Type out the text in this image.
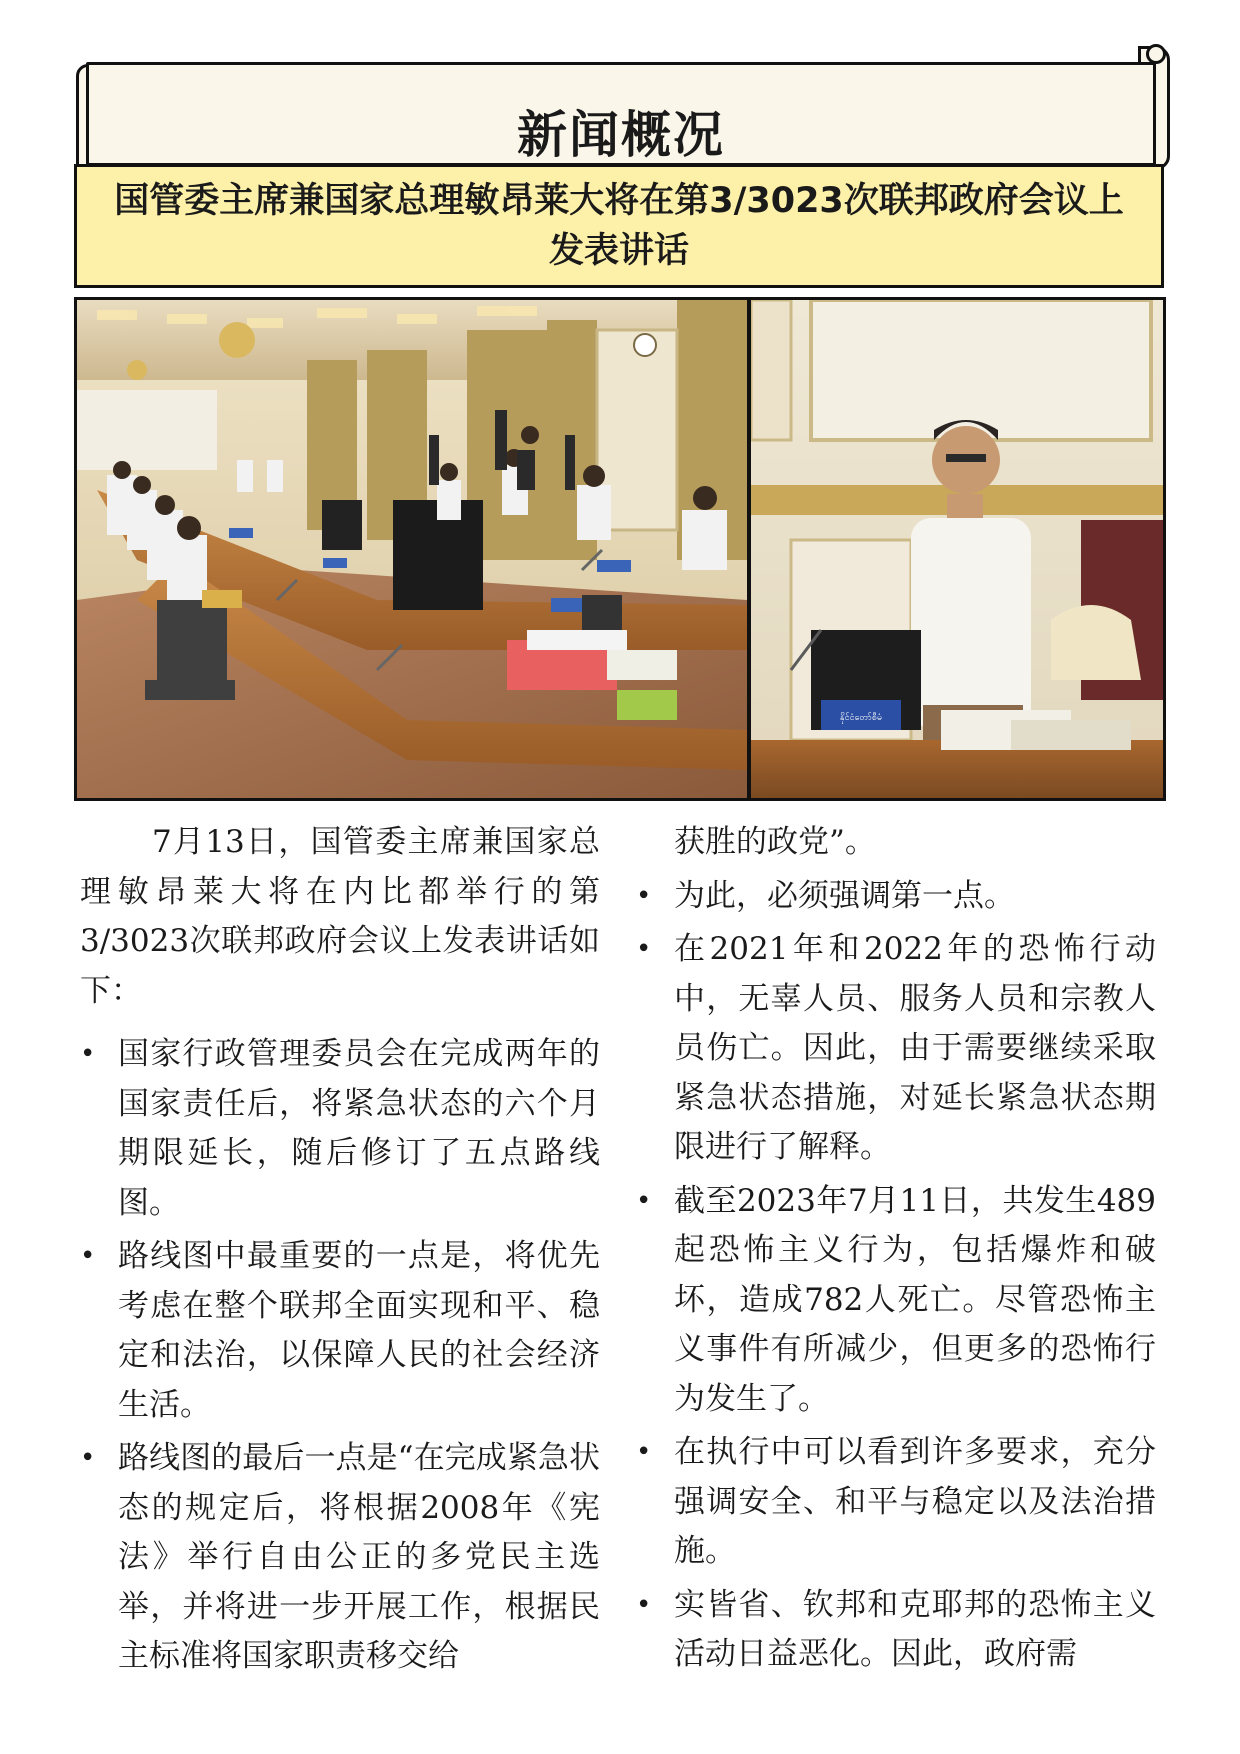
新闻概况
国管委主席兼国家总理敏昂莱大将在第3/3023次联邦政府会议上发表讲话
နိုင်ငံတော်စီမံ

7月13日，国管委主席兼国家总理敏昂莱大将在内比都举行的第3/3023次联邦政府会议上发表讲话如下：

• 国家行政管理委员会在完成两年的国家责任后，将紧急状态的六个月期限延长，随后修订了五点路线图。
• 路线图中最重要的一点是，将优先考虑在整个联邦全面实现和平、稳定和法治，以保障人民的社会经济生活。
• 路线图的最后一点是“在完成紧急状态的规定后，将根据2008年《宪法》举行自由公正的多党民主选举，并将进一步开展工作，根据民主标准将国家职责移交给
获胜的政党”。
• 为此，必须强调第一点。
• 在2021年和2022年的恐怖行动中，无辜人员、服务人员和宗教人员伤亡。因此，由于需要继续采取紧急状态措施，对延长紧急状态期限进行了解释。
• 截至2023年7月11日，共发生489起恐怖主义行为，包括爆炸和破坏，造成782人死亡。尽管恐怖主义事件有所减少，但更多的恐怖行为发生了。
• 在执行中可以看到许多要求，充分强调安全、和平与稳定以及法治措施。
• 实皆省、钦邦和克耶邦的恐怖主义活动日益恶化。因此，政府需
